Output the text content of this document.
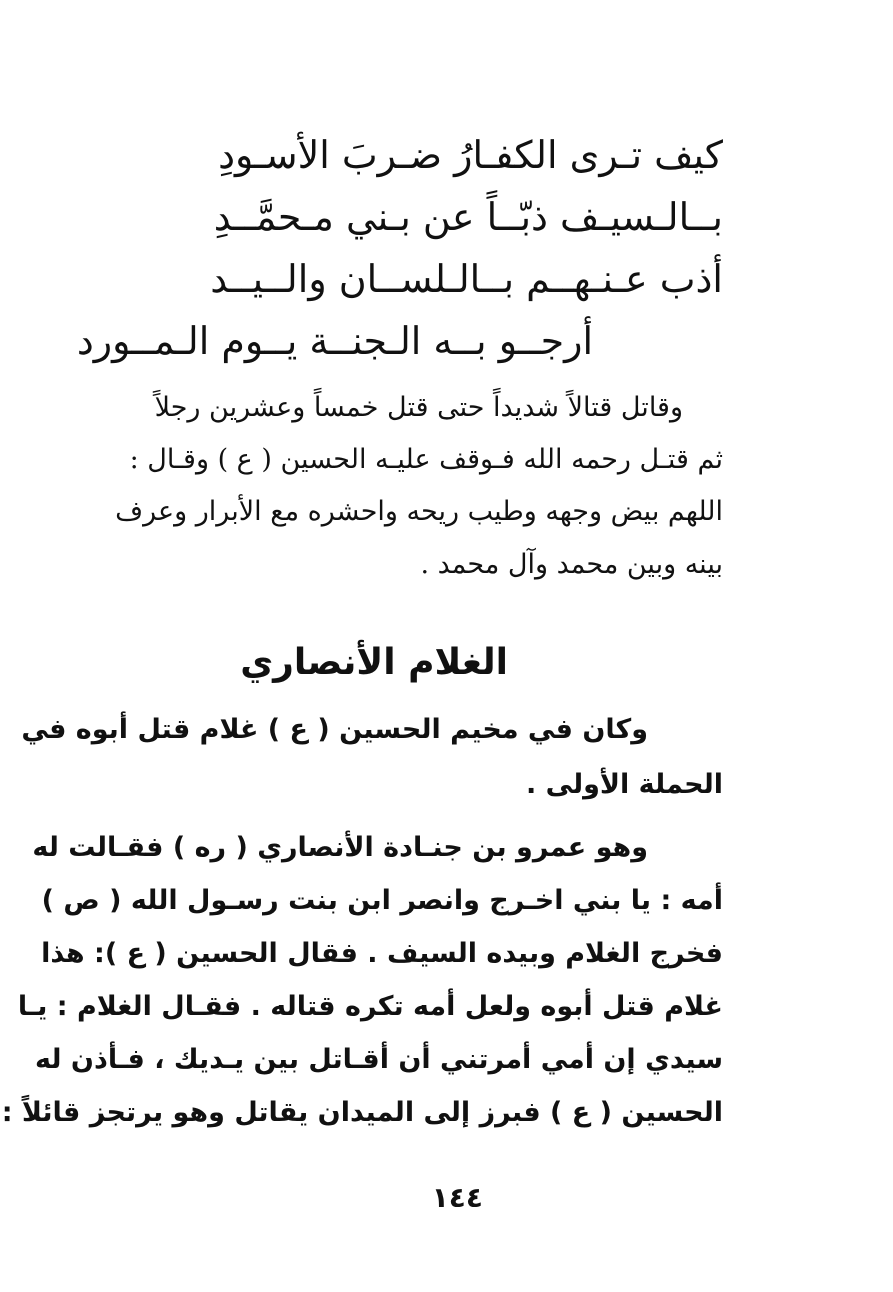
كيف تـرى الكفـارُ ضـربَ الأسـودِ
بــالـسيـف ذبّــاً عن بـني مـحمَّــدِ
أذب عـنـهــم بــالـلســان والــيــد
أرجــو بــه الـجنــة يــوم الـمــورد
وقاتل قتالاً شديداً حتى قتل خمساً وعشرين رجلاً
ثم قتـل رحمه الله فـوقف عليـه الحسين ( ع ) وقـال :
اللهم بيض وجهه وطيب ريحه واحشره مع الأبرار وعرف
بينه وبين محمد وآل محمد .
الغلام الأنصاري
وكان في مخيم الحسين ( ع ) غلام قتل أبوه في
الحملة الأولى .
وهو عمرو بن جنـادة الأنصاري ( ره ) فقـالت له
أمه : يا بني اخـرج وانصر ابن بنت رسـول الله ( ص )
فخرج الغلام وبيده السيف . فقال الحسين ( ع ): هذا
غلام قتل أبوه ولعل أمه تكره قتاله . فقـال الغلام : يـا
سيدي إن أمي أمرتني أن أقـاتل بين يـديك ، فـأذن له
الحسين ( ع ) فبرز إلى الميدان يقاتل وهو يرتجز قائلاً :
١٤٤
